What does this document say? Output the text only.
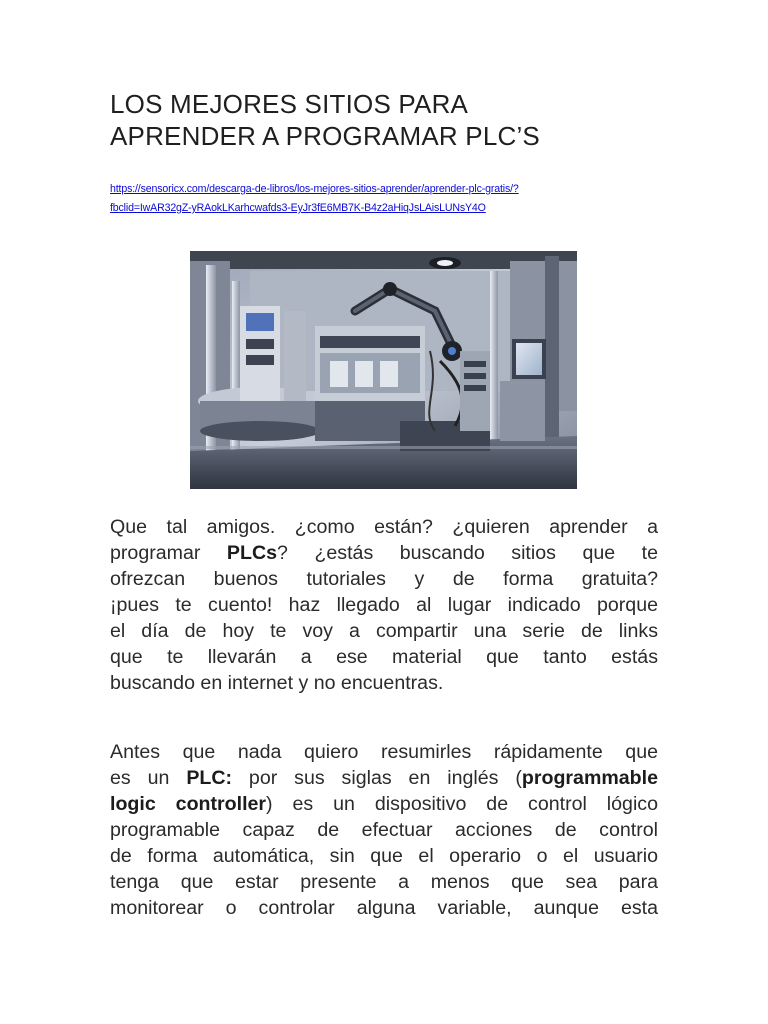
LOS MEJORES SITIOS PARA
APRENDER A PROGRAMAR PLC’S
https://sensoricx.com/descarga-de-libros/los-mejores-sitios-aprender/aprender-plc-gratis/?
fbclid=IwAR32gZ-yRAokLKarhcwafds3-EyJr3fE6MB7K-B4z2aHiqJsLAisLUNsY4O
Que tal amigos. ¿como están? ¿quieren aprender a
programar PLCs? ¿estás buscando sitios que te
ofrezcan buenos tutoriales y de forma gratuita?
¡pues te cuento! haz llegado al lugar indicado porque
el día de hoy te voy a compartir una serie de links
que te llevarán a ese material que tanto estás
buscando en internet y no encuentras.
Antes que nada quiero resumirles rápidamente que
es un PLC: por sus siglas en inglés (programmable
logic controller) es un dispositivo de control lógico
programable capaz de efectuar acciones de control
de forma automática, sin que el operario o el usuario
tenga que estar presente a menos que sea para
monitorear o controlar alguna variable, aunque esta
